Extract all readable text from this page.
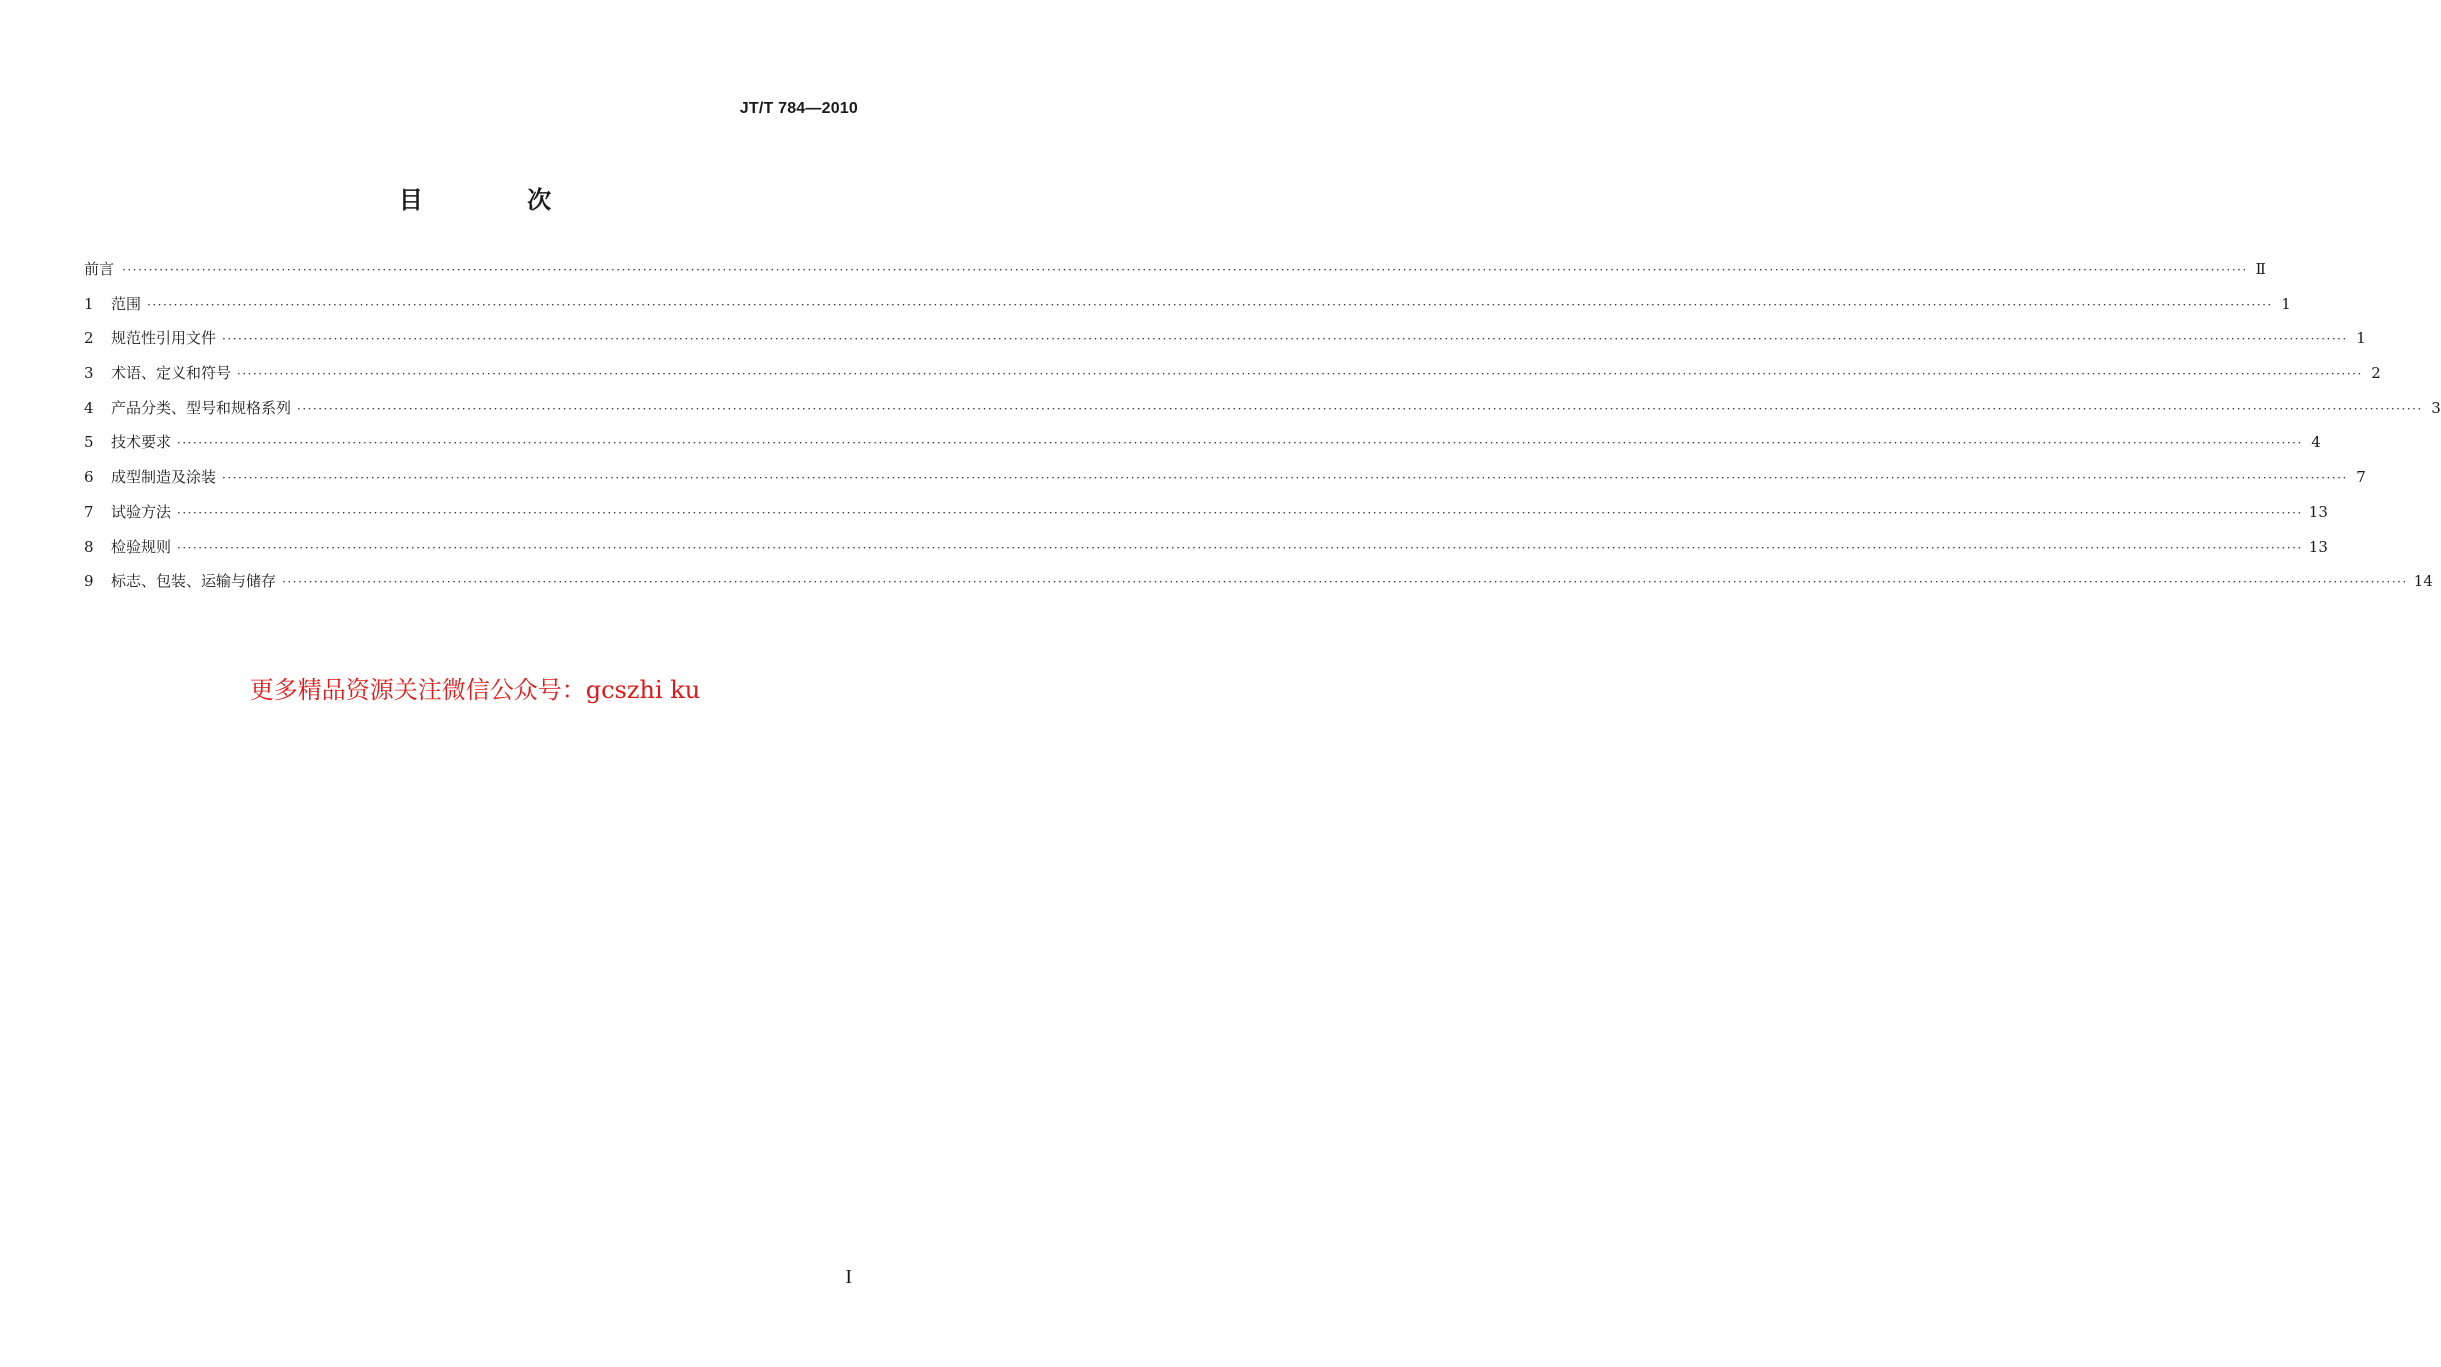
JT/T 784—2010
目 次
前言 ················································································································································································································································································································································································································ Ⅱ
1	范围 ················································································································································································································································································································································································································ 1
2	规范性引用文件 ················································································································································································································································································································································································································ 1
3	术语、定义和符号 ················································································································································································································································································································································································································ 2
4	产品分类、型号和规格系列 ················································································································································································································································································································································································································ 3
5	技术要求 ················································································································································································································································································································································································································ 4
6	成型制造及涂装 ················································································································································································································································································································································································································ 7
7	试验方法 ················································································································································································································································································································································································································ 13
8	检验规则 ················································································································································································································································································································································································································ 13
9	标志、包装、运输与储存 ················································································································································································································································································································································································································ 14
更多精品资源关注微信公众号：gcszhi ku
I
